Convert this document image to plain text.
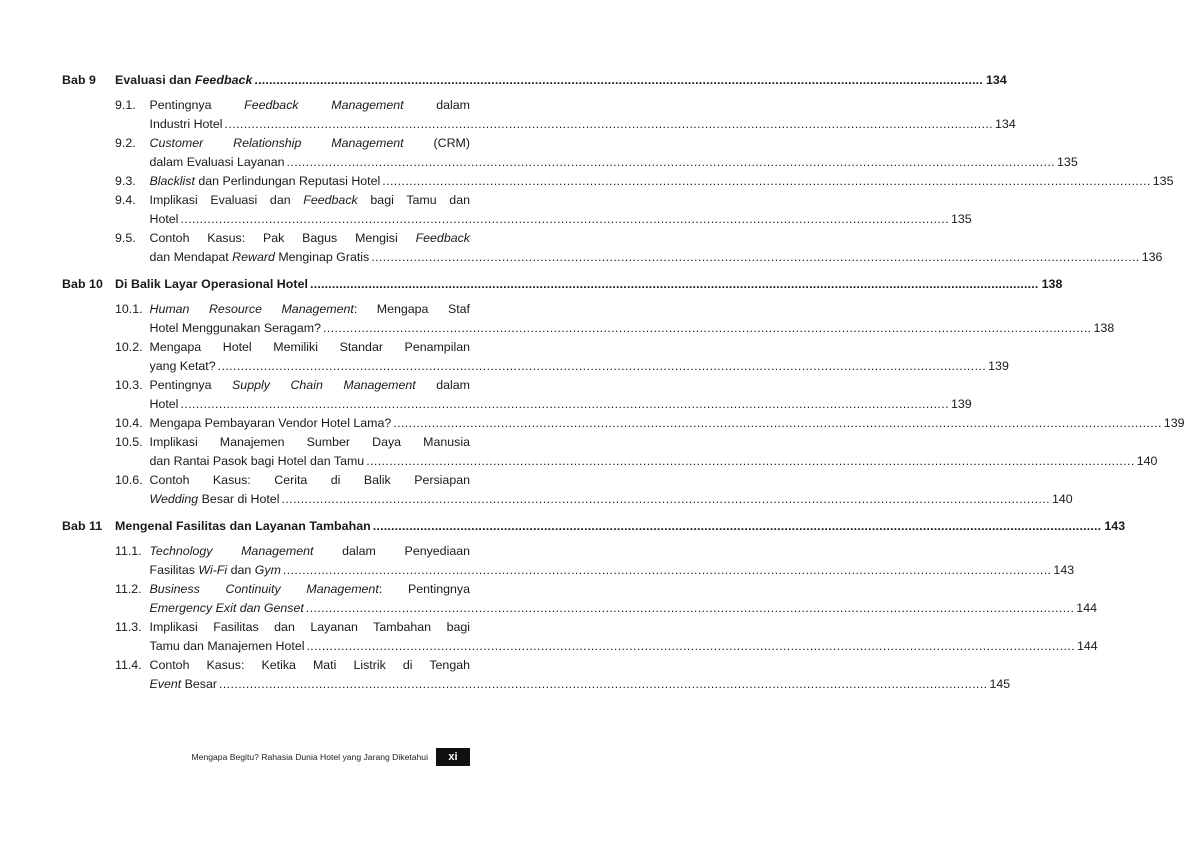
Bab 9	Evaluasi dan Feedback ........................................................................................................................................................................................................ 134
9.1.	Pentingnya Feedback Management dalam
Industri Hotel ........................................................................................................................................................................................................ 134
9.2.	Customer Relationship Management (CRM)
dalam Evaluasi Layanan ........................................................................................................................................................................................................ 135
9.3.	Blacklist dan Perlindungan Reputasi Hotel ........................................................................................................................................................................................................ 135
9.4.	Implikasi Evaluasi dan Feedback bagi Tamu dan
Hotel ........................................................................................................................................................................................................ 135
9.5.	Contoh Kasus: Pak Bagus Mengisi Feedback
dan Mendapat Reward Menginap Gratis ........................................................................................................................................................................................................ 136
Bab 10 Di Balik Layar Operasional Hotel ........................................................................................................................................................................................................ 138
10.1. Human Resource Management: Mengapa Staf
Hotel Menggunakan Seragam? ........................................................................................................................................................................................................ 138
10.2. Mengapa Hotel Memiliki Standar Penampilan
yang Ketat? ........................................................................................................................................................................................................ 139
10.3. Pentingnya Supply Chain Management dalam
Hotel ........................................................................................................................................................................................................ 139
10.4. Mengapa Pembayaran Vendor Hotel Lama? ........................................................................................................................................................................................................ 139
10.5. Implikasi Manajemen Sumber Daya Manusia
dan Rantai Pasok bagi Hotel dan Tamu ........................................................................................................................................................................................................ 140
10.6. Contoh Kasus: Cerita di Balik Persiapan
Wedding Besar di Hotel ........................................................................................................................................................................................................ 140
Bab 11	Mengenal Fasilitas dan Layanan Tambahan ........................................................................................................................................................................................................ 143
11.1. Technology Management dalam Penyediaan
Fasilitas Wi-Fi dan Gym ........................................................................................................................................................................................................ 143
11.2. Business Continuity Management: Pentingnya
Emergency Exit dan Genset ........................................................................................................................................................................................................ 144
11.3. Implikasi Fasilitas dan Layanan Tambahan bagi
Tamu dan Manajemen Hotel ........................................................................................................................................................................................................ 144
11.4. Contoh Kasus: Ketika Mati Listrik di Tengah
Event Besar ........................................................................................................................................................................................................ 145
Mengapa Begitu? Rahasia Dunia Hotel yang Jarang Diketahui	xi
